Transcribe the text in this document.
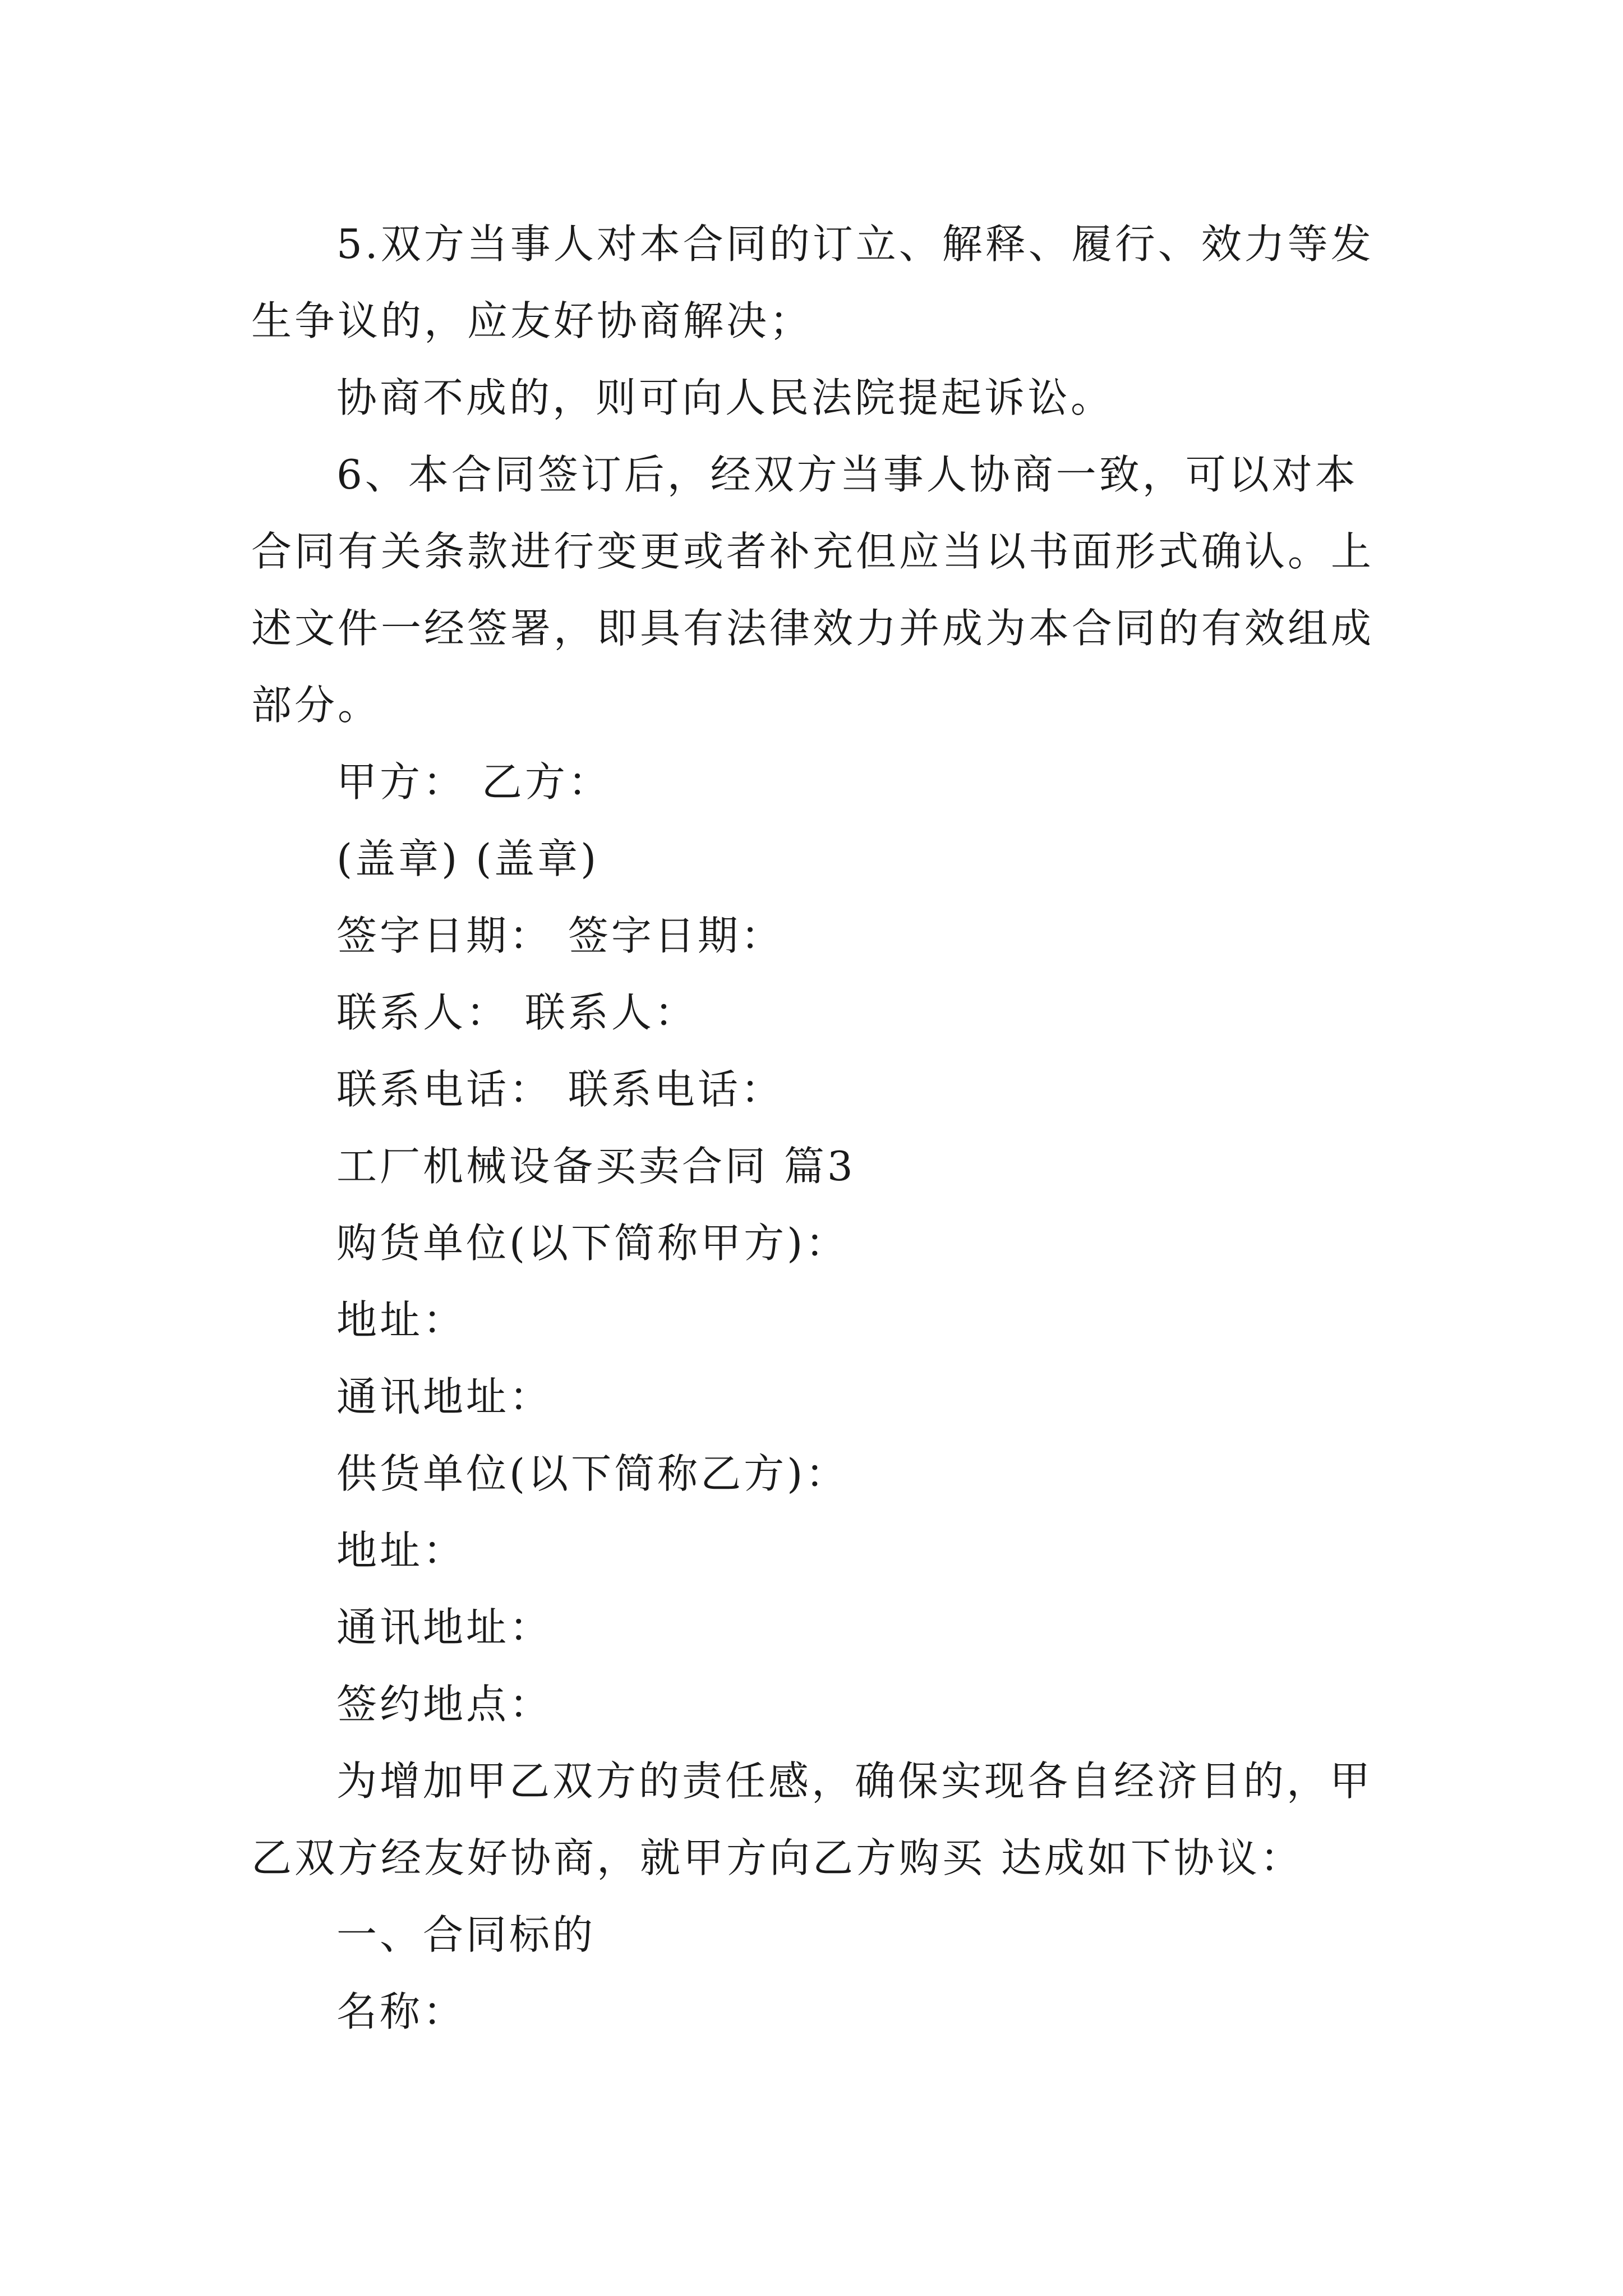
5.双方当事人对本合同的订立、解释、履行、效力等发
生争议的，应友好协商解决；
协商不成的，则可向人民法院提起诉讼。
6、本合同签订后，经双方当事人协商一致，可以对本
合同有关条款进行变更或者补充但应当以书面形式确认。上
述文件一经签署，即具有法律效力并成为本合同的有效组成
部分。
甲方： 乙方：
(盖章) (盖章)
签字日期： 签字日期：
联系人： 联系人：
联系电话： 联系电话：
工厂机械设备买卖合同 篇3
购货单位(以下简称甲方)：
地址：
通讯地址：
供货单位(以下简称乙方)：
地址：
通讯地址：
签约地点：
为增加甲乙双方的责任感，确保实现各自经济目的，甲
乙双方经友好协商，就甲方向乙方购买 达成如下协议：
一、合同标的
名称：
